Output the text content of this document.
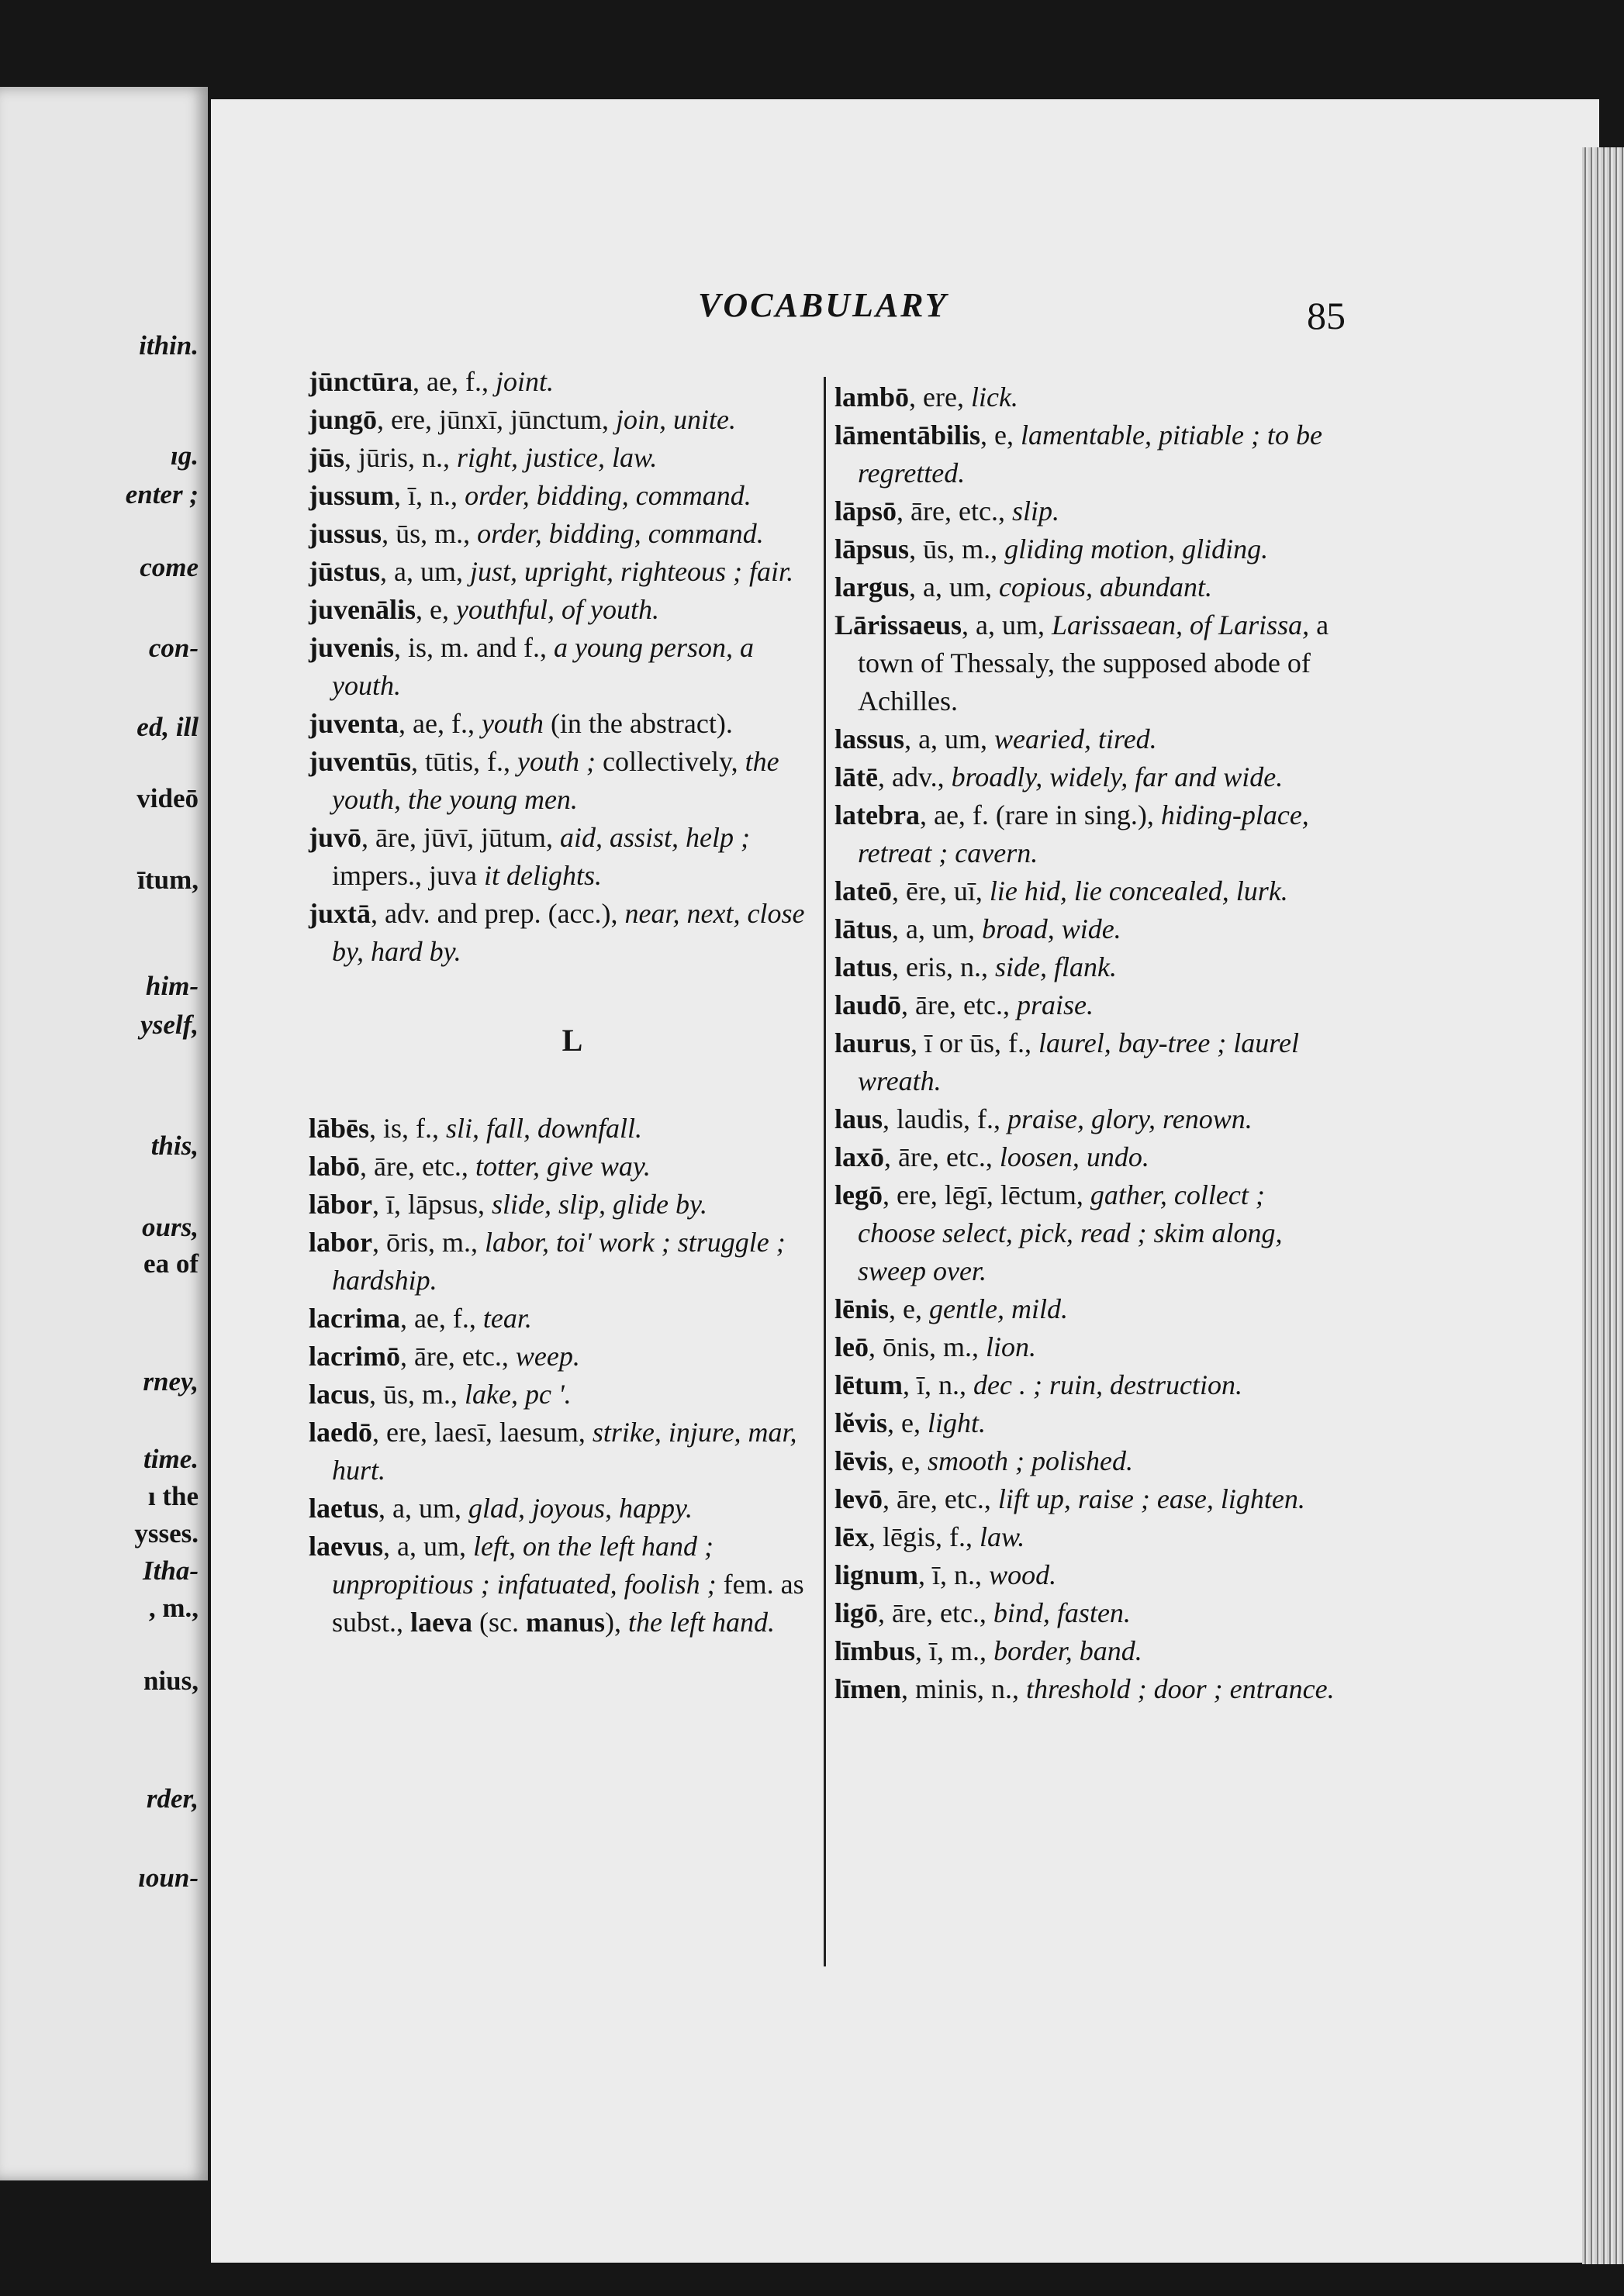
ithin.
ıg.
enter ;
come
con-
ed, ill
videō
ītum,
him-
yself,
this,
ours,
ea of
rney,
time.
ı the
ysses.
Itha-
, m.,
nius,
rder,
ıoun-
VOCABULARY	85
jūnctūra, ae, f., joint.
jungō, ere, jūnxī, jūnctum, join, unite.
jūs, jūris, n., right, justice, law.
jussum, ī, n., order, bidding, command.
jussus, ūs, m., order, bidding, command.
jūstus, a, um, just, upright, righteous ; fair.
juvenālis, e, youthful, of youth.
juvenis, is, m. and f., a young person, a youth.
juventa, ae, f., youth (in the abstract).
juventūs, tūtis, f., youth ; collectively, the youth, the young men.
juvō, āre, jūvī, jūtum, aid, assist, help ; impers., juva it delights.
juxtā, adv. and prep. (acc.), near, next, close by, hard by.
L
lābēs, is, f., sli, fall, downfall.
labō, āre, etc., totter, give way.
lābor, ī, lāpsus, slide, slip, glide by.
labor, ōris, m., labor, toi' work ; struggle ; hardship.
lacrima, ae, f., tear.
lacrimō, āre, etc., weep.
lacus, ūs, m., lake, pc '.
laedō, ere, laesī, laesum, strike, injure, mar, hurt.
laetus, a, um, glad, joyous, happy.
laevus, a, um, left, on the left hand ; unpropitious ; infatuated, foolish ; fem. as subst., laeva (sc. manus), the left hand.
lambō, ere, lick.
lāmentābilis, e, lamentable, pitiable ; to be regretted.
lāpsō, āre, etc., slip.
lāpsus, ūs, m., gliding motion, gliding.
largus, a, um, copious, abundant.
Lārissaeus, a, um, Larissaean, of Larissa, a town of Thessaly, the supposed abode of Achilles.
lassus, a, um, wearied, tired.
lātē, adv., broadly, widely, far and wide.
latebra, ae, f. (rare in sing.), hiding-place, retreat ; cavern.
lateō, ēre, uī, lie hid, lie concealed, lurk.
lātus, a, um, broad, wide.
latus, eris, n., side, flank.
laudō, āre, etc., praise.
laurus, ī or ūs, f., laurel, bay-tree ; laurel wreath.
laus, laudis, f., praise, glory, renown.
laxō, āre, etc., loosen, undo.
legō, ere, lēgī, lēctum, gather, collect ; choose select, pick, read ; skim along, sweep over.
lēnis, e, gentle, mild.
leō, ōnis, m., lion.
lētum, ī, n., dec . ; ruin, destruction.
lĕvis, e, light.
lēvis, e, smooth ; polished.
levō, āre, etc., lift up, raise ; ease, lighten.
lēx, lēgis, f., law.
lignum, ī, n., wood.
ligō, āre, etc., bind, fasten.
līmbus, ī, m., border, band.
līmen, minis, n., threshold ; door ; entrance.
